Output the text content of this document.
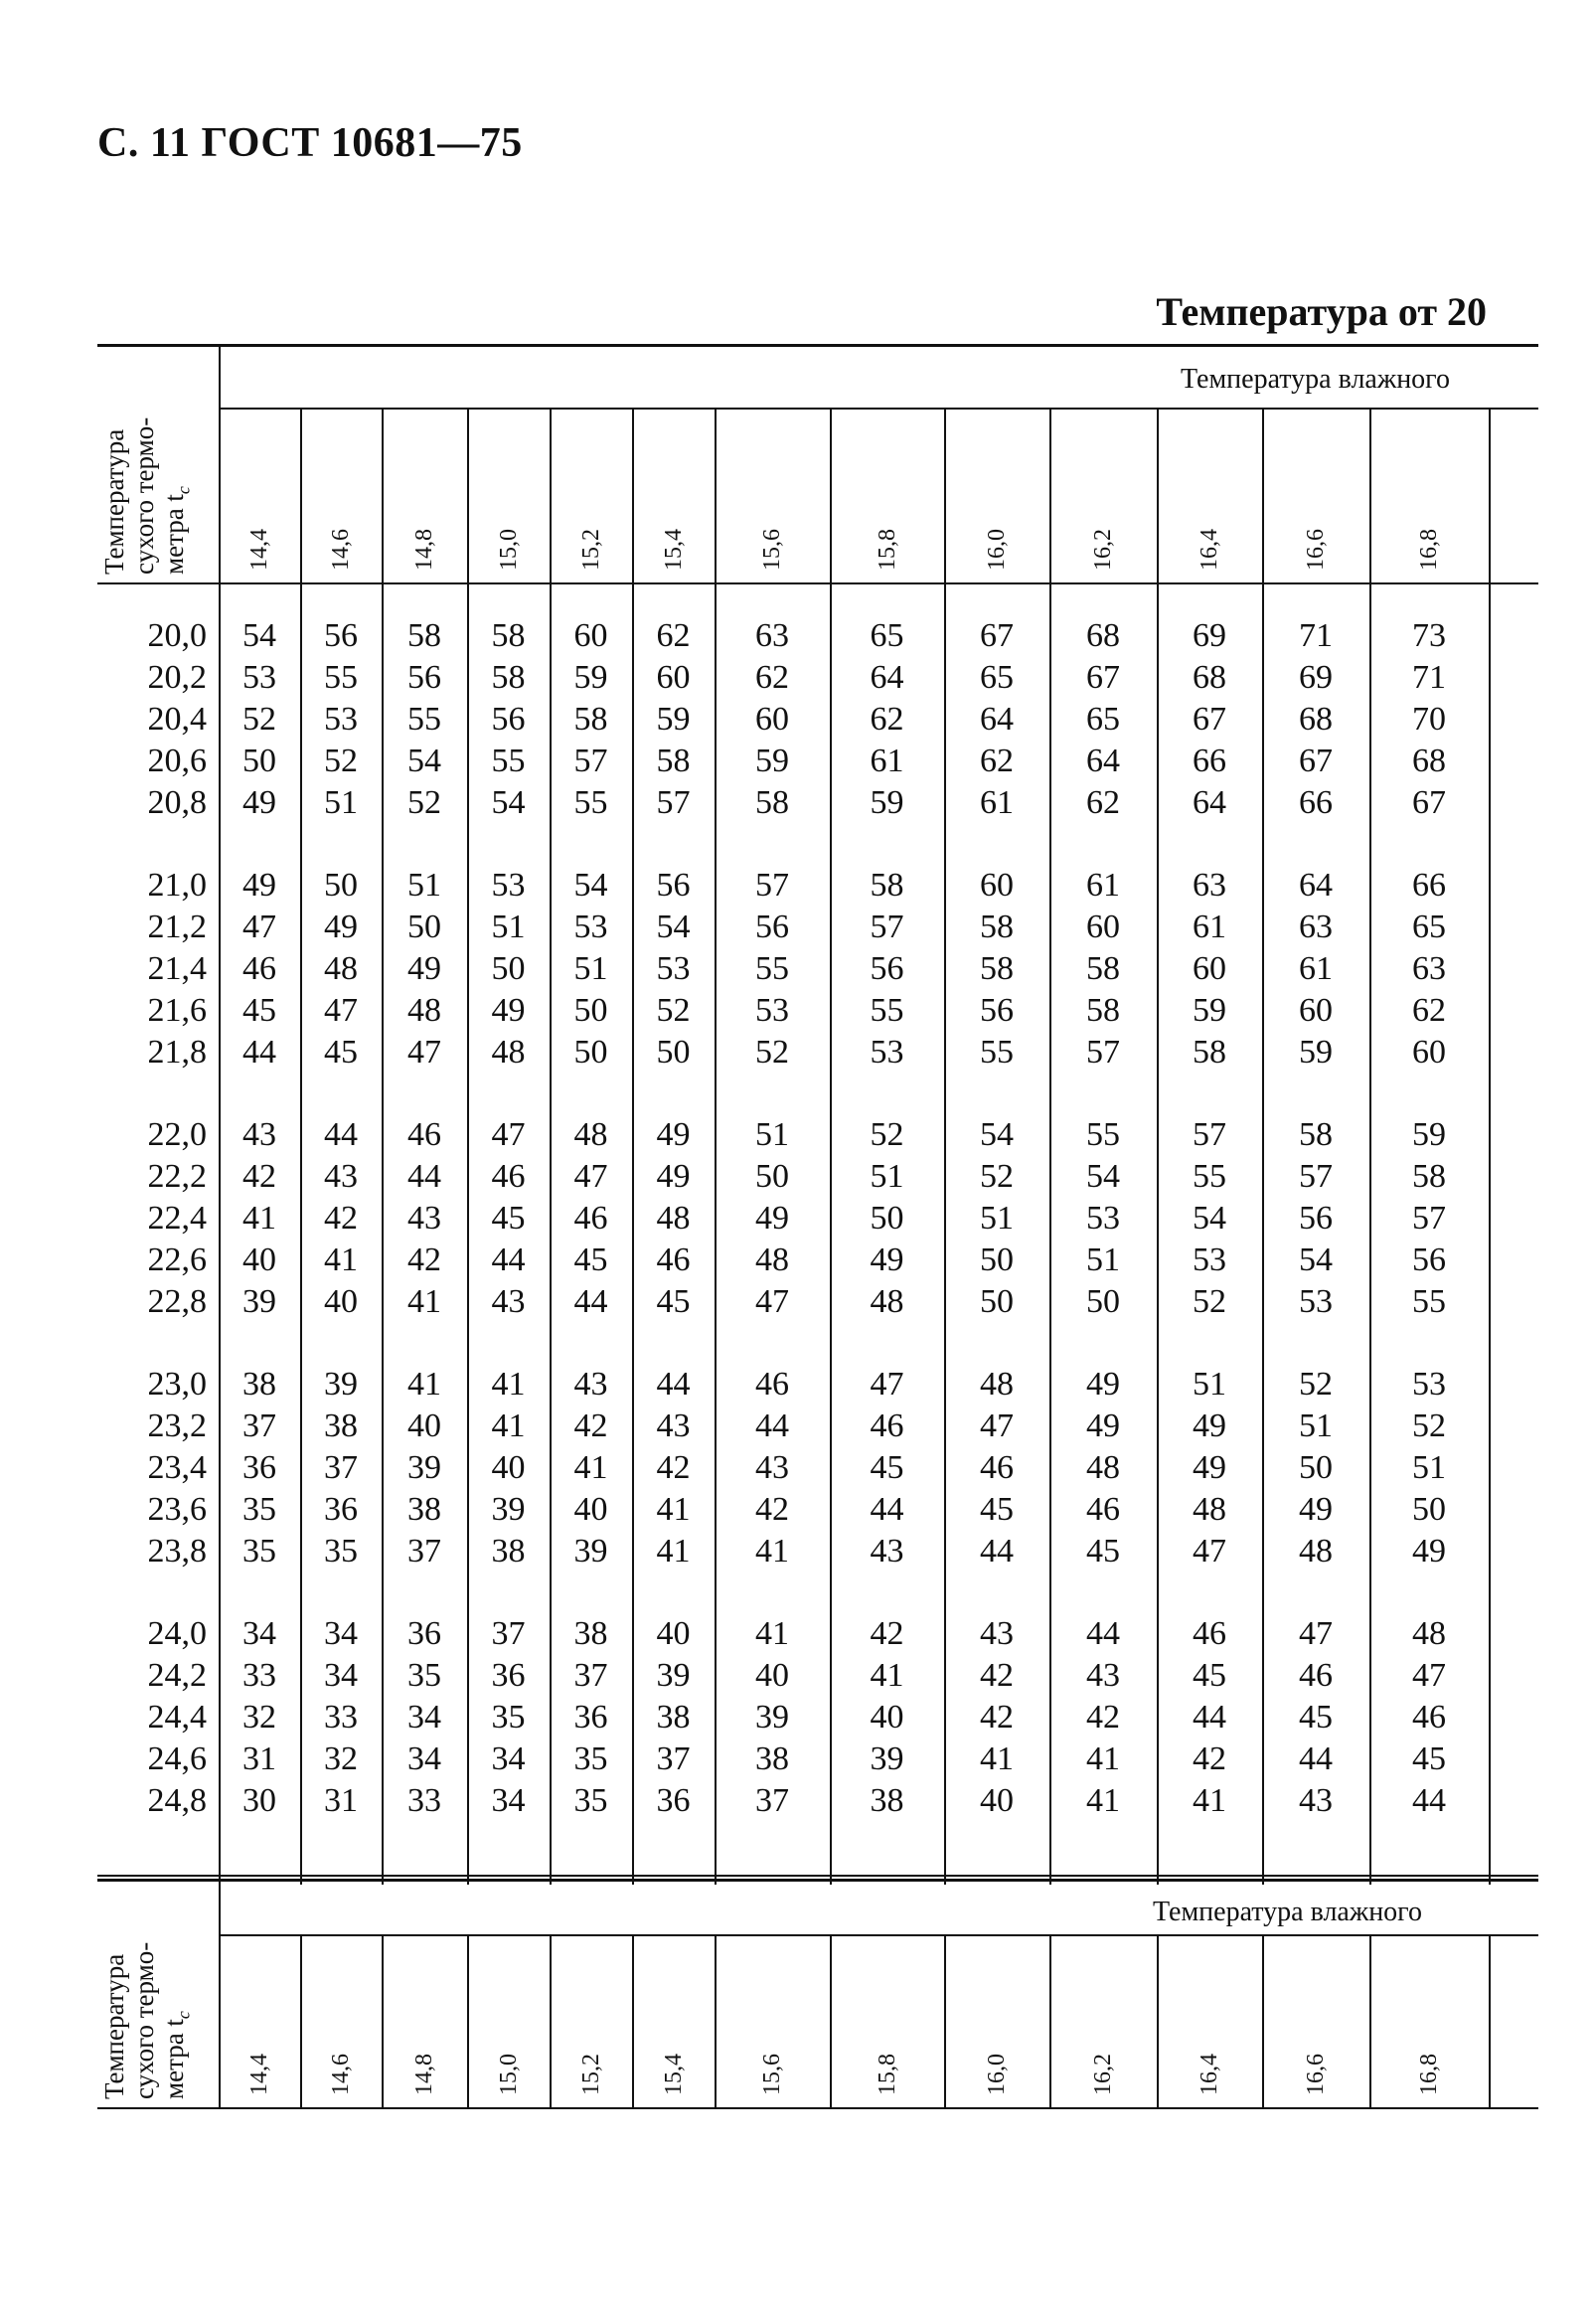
С. 11 ГОСТ 10681—75
Температура от 20
Температура влажного
14,4 14,6 14,8 15,0 15,2 15,4	15,6	15,8	16,0	16,2	16,4	16,6	16,8
Температура сухого термо- метра $t_c$
20,0	54	56	58	58	60	62	63	65	67	68	69	71	73
20,2	53	55	56	58	59	60	62	64	65	67	68	69	71
20,4	52	53	55	56	58	59	60	62	64	65	67	68	70
20,6	50	52	54	55	57	58	59	61	62	64	66	67	68
20,8	49	51	52	54	55	57	58	59	61	62	64	66	67
21,0	49	50	51	53	54	56	57	58	60	61	63	64	66
21,2	47	49	50	51	53	54	56	57	58	60	61	63	65
21,4	46	48	49	50	51	53	55	56	58	58	60	61	63
21,6	45	47	48	49	50	52	53	55	56	58	59	60	62
21,8	44	45	47	48	50	50	52	53	55	57	58	59	60
22,0	43	44	46	47	48	49	51	52	54	55	57	58	59
22,2	42	43	44	46	47	49	50	51	52	54	55	57	58
22,4	41	42	43	45	46	48	49	50	51	53	54	56	57
22,6	40	41	42	44	45	46	48	49	50	51	53	54	56
22,8	39	40	41	43	44	45	47	48	50	50	52	53	55
23,0	38	39	41	41	43	44	46	47	48	49	51	52	53
23,2	37	38	40	41	42	43	44	46	47	49	49	51	52
23,4	36	37	39	40	41	42	43	45	46	48	49	50	51
23,6	35	36	38	39	40	41	42	44	45	46	48	49	50
23,8	35	35	37	38	39	41	41	43	44	45	47	48	49
24,0	34	34	36	37	38	40	41	42	43	44	46	47	48
24,2	33	34	35	36	37	39	40	41	42	43	45	46	47
24,4	32	33	34	35	36	38	39	40	42	42	44	45	46
24,6	31	32	34	34	35	37	38	39	41	41	42	44	45
24,8	30	31	33	34	35	36	37	38	40	41	41	43	44
Температура влажного
14,4 14,6 14,8 15,0 15,2 15,4	15,6	15,8	16,0	16,2	16,4	16,6	16,8
Температура сухого термо- метра $t_c$
